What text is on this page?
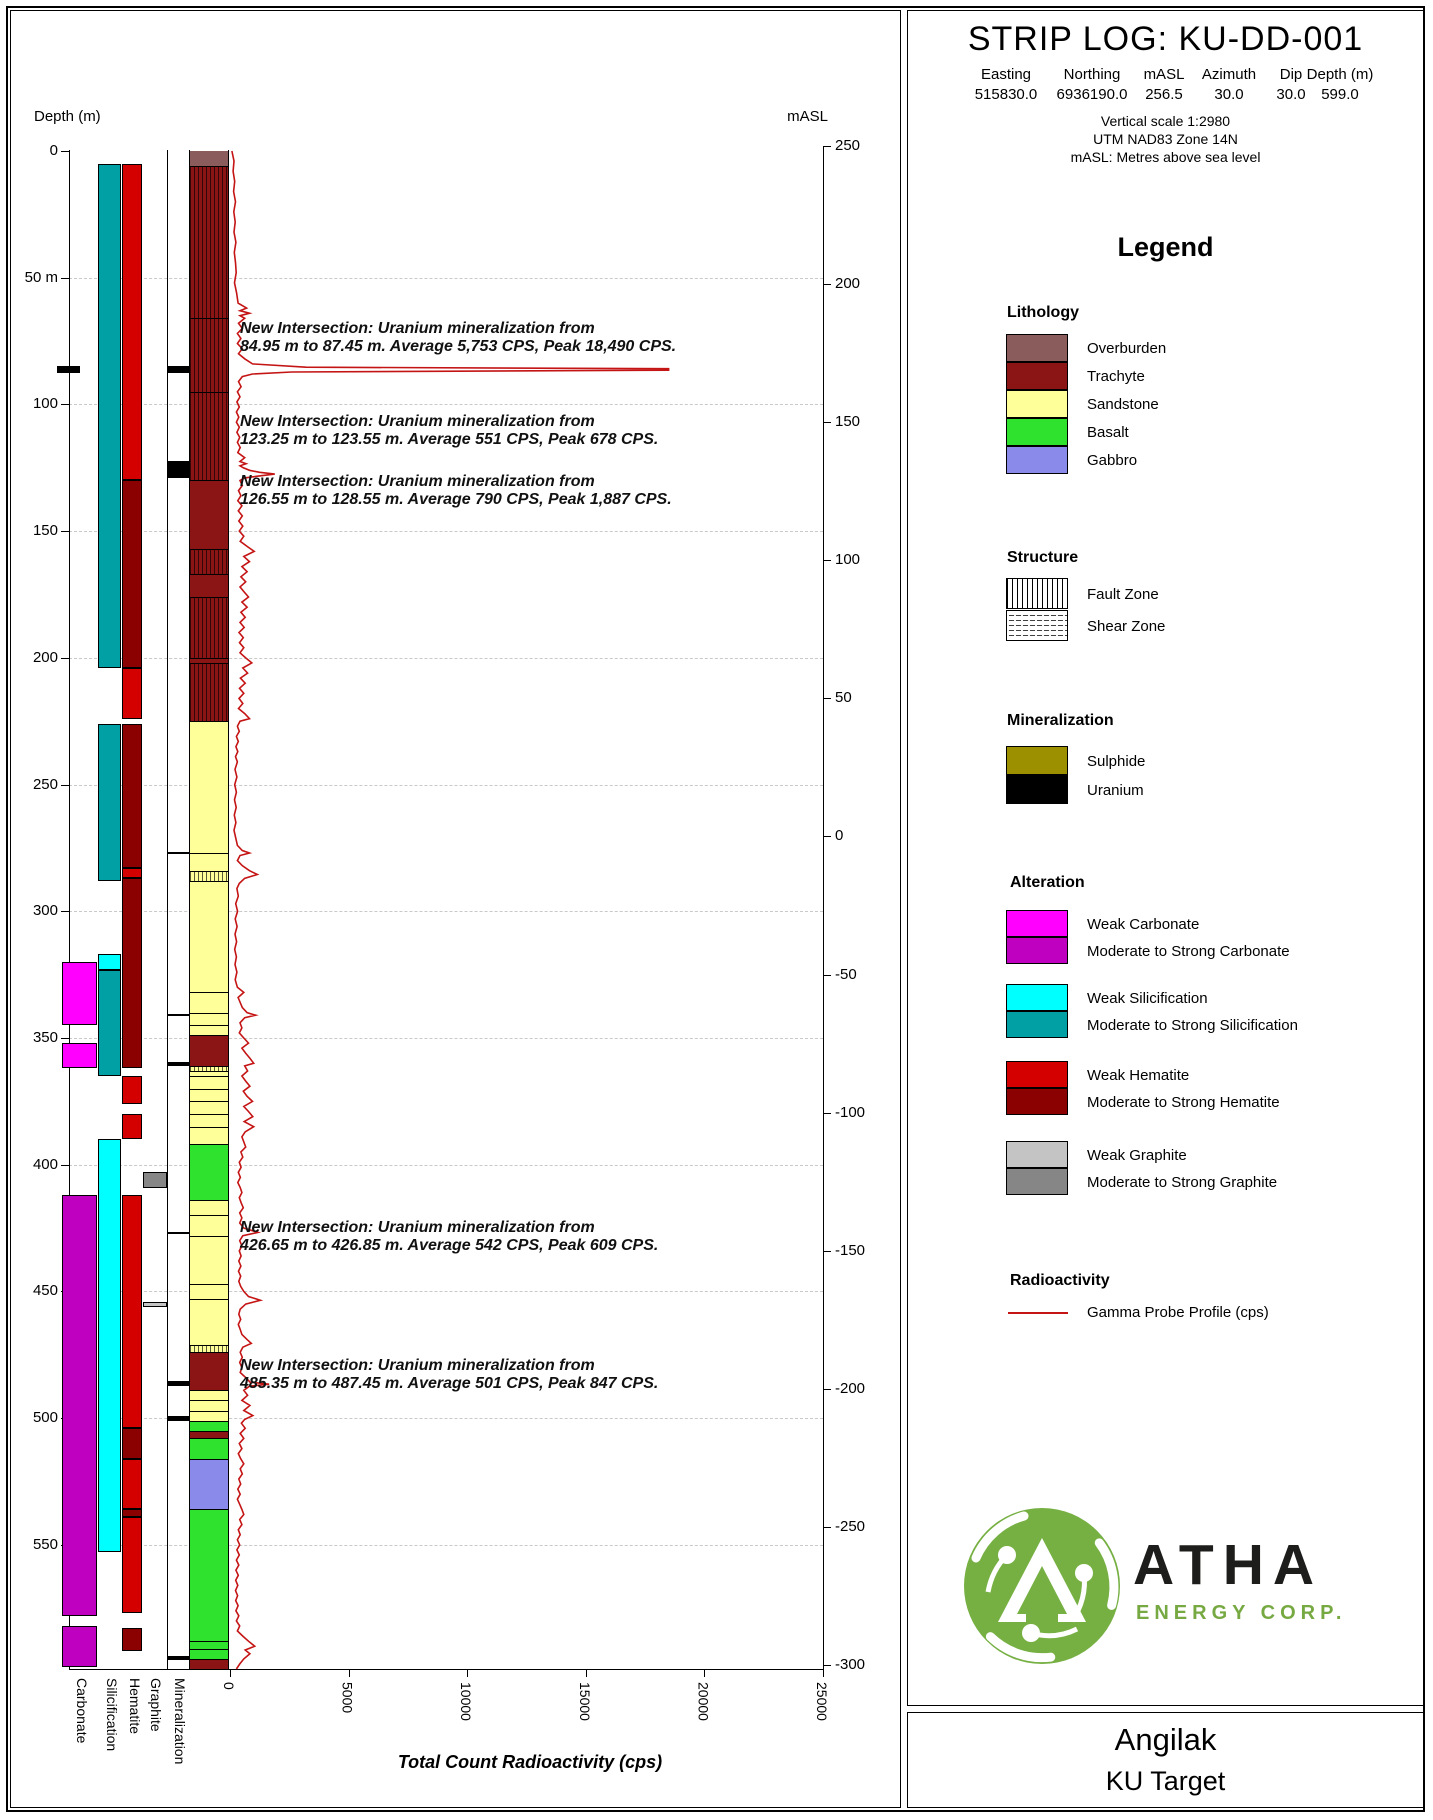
0
50 m
100
150
200
250
300
350
400
450
500
550
250
200
150
100
50
0
-50
-100
-150
-200
-250
-300
0	5000	10000	15000	20000	25000
New Intersection: Uranium mineralization from
84.95 m to 87.45 m. Average 5,753 CPS, Peak 18,490 CPS.
New Intersection: Uranium mineralization from
123.25 m to 123.55 m. Average 551 CPS, Peak 678 CPS.
New Intersection: Uranium mineralization from
126.55 m to 128.55 m. Average 790 CPS, Peak 1,887 CPS.
New Intersection: Uranium mineralization from
426.65 m to 426.85 m. Average 542 CPS, Peak 609 CPS.
New Intersection: Uranium mineralization from
485.35 m to 487.45 m. Average 501 CPS, Peak 847 CPS.
Carbonate Silicification Hematite Graphite Mineralization
Depth (m)	mASL
Total Count Radioactivity (cps)
STRIP LOG: KU-DD-001
Easting
515830.0
Northing
6936190.0
mASL
256.5
Azimuth
30.0
Dip
30.0
Depth (m)
599.0
Vertical scale 1:2980
UTM NAD83 Zone 14N
mASL: Metres above sea level
Legend
Lithology
Overburden
Trachyte
Sandstone
Basalt
Gabbro
Structure
Fault Zone
Shear Zone
Mineralization
Sulphide
Uranium
Alteration
Weak Carbonate
Moderate to Strong Carbonate
Weak Silicification
Moderate to Strong Silicification
Weak Hematite
Moderate to Strong Hematite
Weak Graphite
Moderate to Strong Graphite
Radioactivity
Gamma Probe Profile (cps)
ATHA
ENERGY CORP.
Angilak
KU Target
